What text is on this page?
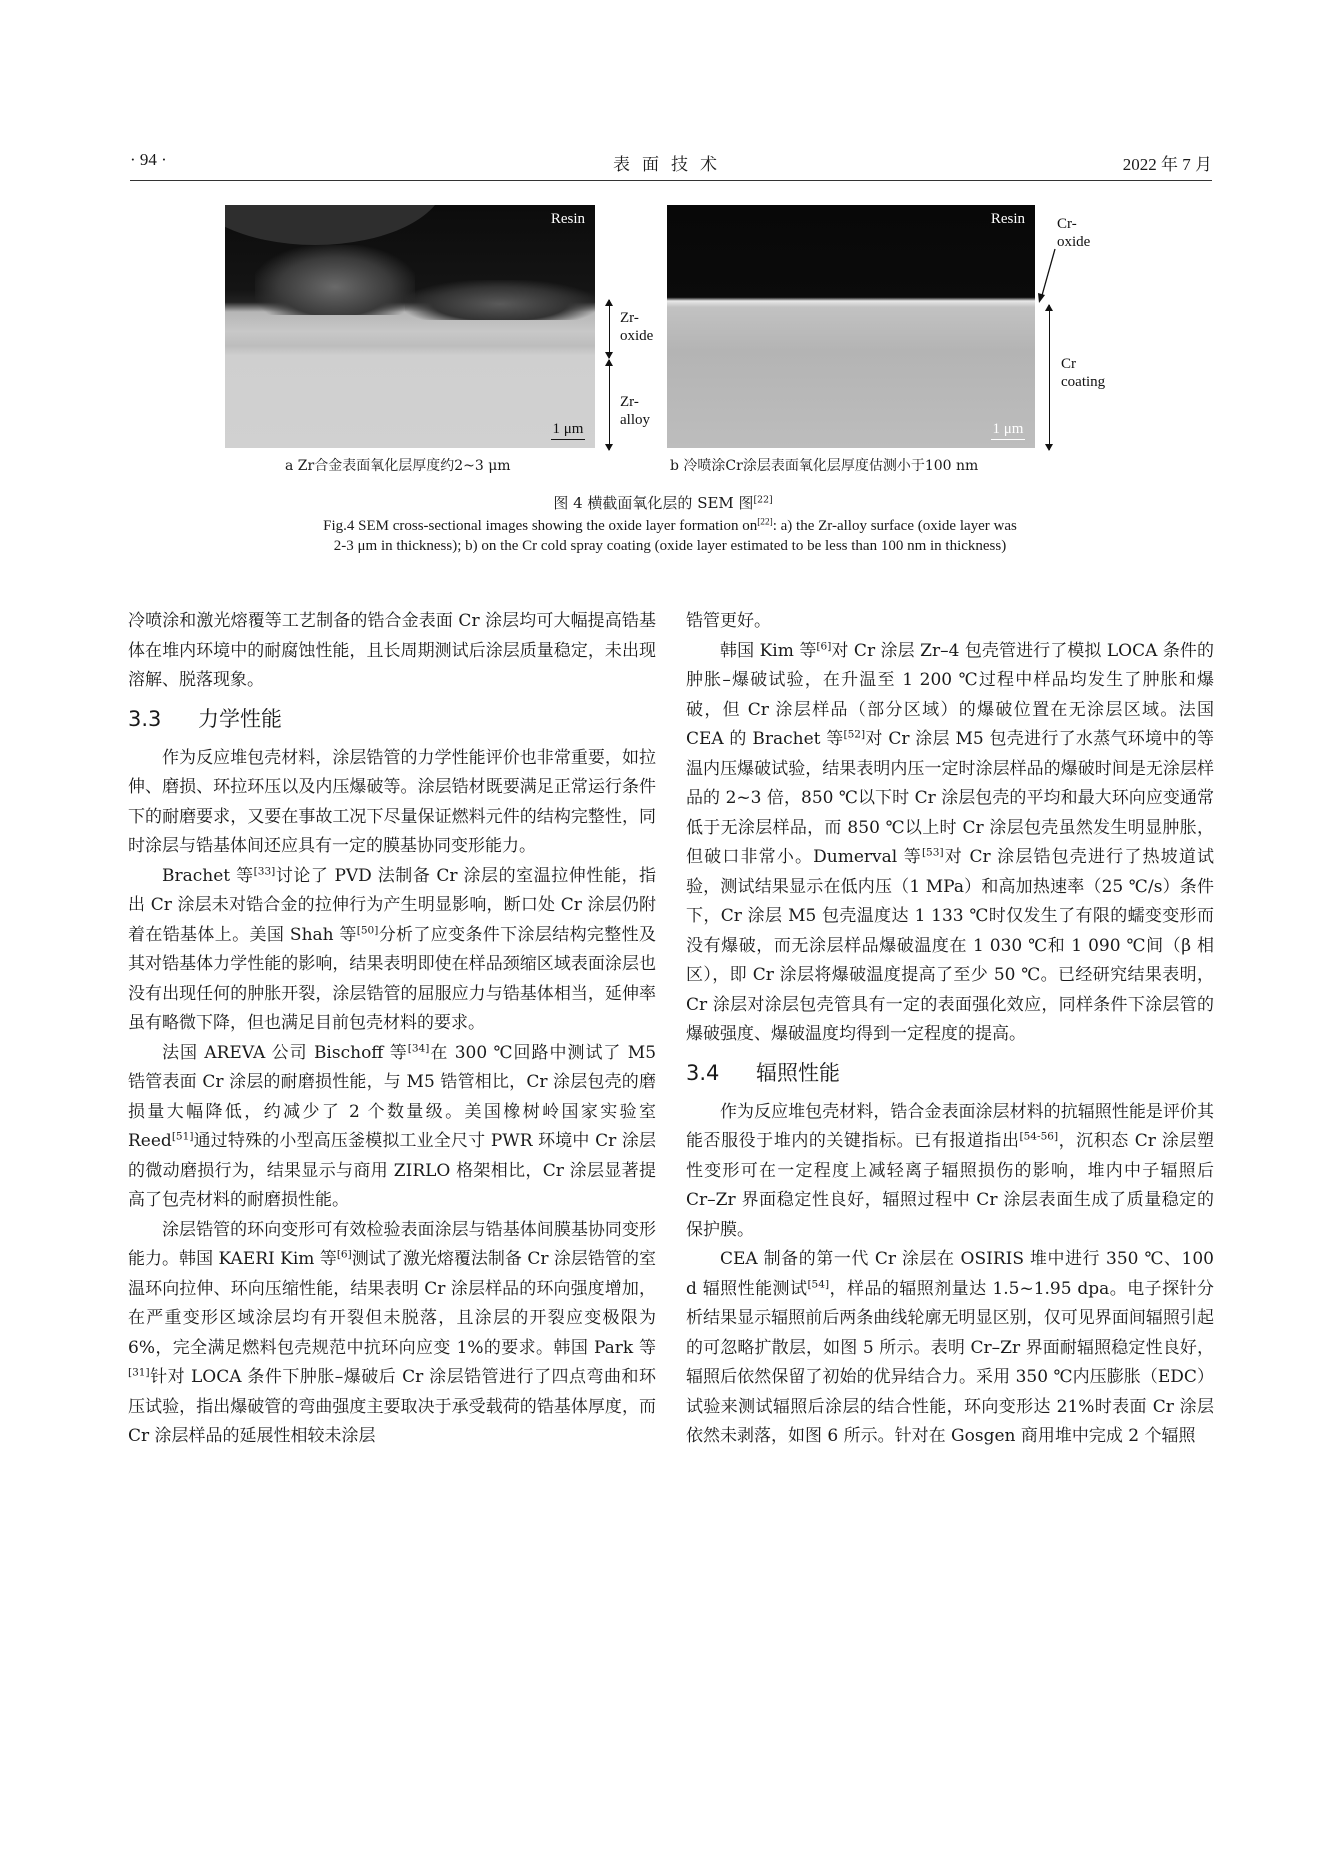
· 94 ·	表面技术	2022 年 7 月
Resin
1 μm
Zr-
oxide
Zr-
alloy
a Zr合金表面氧化层厚度约2~3 μm
Resin
1 μm
Cr-
oxide
Cr
coating
b 冷喷涂Cr涂层表面氧化层厚度估测小于100 nm
图 4 横截面氧化层的 SEM 图[22]
Fig.4 SEM cross-sectional images showing the oxide layer formation on[22]: a) the Zr-alloy surface (oxide layer was 2-3 μm in thickness); b) on the Cr cold spray coating (oxide layer estimated to be less than 100 nm in thickness)

冷喷涂和激光熔覆等工艺制备的锆合金表面 Cr 涂层均可大幅提高锆基体在堆内环境中的耐腐蚀性能，且长周期测试后涂层质量稳定，未出现溶解、脱落现象。

3.3 力学性能

作为反应堆包壳材料，涂层锆管的力学性能评价也非常重要，如拉伸、磨损、环拉环压以及内压爆破等。涂层锆材既要满足正常运行条件下的耐磨要求，又要在事故工况下尽量保证燃料元件的结构完整性，同时涂层与锆基体间还应具有一定的膜基协同变形能力。

Brachet 等[33]讨论了 PVD 法制备 Cr 涂层的室温拉伸性能，指出 Cr 涂层未对锆合金的拉伸行为产生明显影响，断口处 Cr 涂层仍附着在锆基体上。美国 Shah 等[50]分析了应变条件下涂层结构完整性及其对锆基体力学性能的影响，结果表明即使在样品颈缩区域表面涂层也没有出现任何的肿胀开裂，涂层锆管的屈服应力与锆基体相当，延伸率虽有略微下降，但也满足目前包壳材料的要求。

法国 AREVA 公司 Bischoff 等[34]在 300 ℃回路中测试了 M5 锆管表面 Cr 涂层的耐磨损性能，与 M5 锆管相比，Cr 涂层包壳的磨损量大幅降低，约减少了 2 个数量级。美国橡树岭国家实验室 Reed[51]通过特殊的小型高压釜模拟工业全尺寸 PWR 环境中 Cr 涂层的微动磨损行为，结果显示与商用 ZIRLO 格架相比，Cr 涂层显著提高了包壳材料的耐磨损性能。

涂层锆管的环向变形可有效检验表面涂层与锆基体间膜基协同变形能力。韩国 KAERI Kim 等[6]测试了激光熔覆法制备 Cr 涂层锆管的室温环向拉伸、环向压缩性能，结果表明 Cr 涂层样品的环向强度增加，在严重变形区域涂层均有开裂但未脱落，且涂层的开裂应变极限为 6%，完全满足燃料包壳规范中抗环向应变 1%的要求。韩国 Park 等[31]针对 LOCA 条件下肿胀–爆破后 Cr 涂层锆管进行了四点弯曲和环压试验，指出爆破管的弯曲强度主要取决于承受载荷的锆基体厚度，而 Cr 涂层样品的延展性相较未涂层

锆管更好。

韩国 Kim 等[6]对 Cr 涂层 Zr–4 包壳管进行了模拟 LOCA 条件的肿胀–爆破试验，在升温至 1 200 ℃过程中样品均发生了肿胀和爆破，但 Cr 涂层样品（部分区域）的爆破位置在无涂层区域。法国 CEA 的 Brachet 等[52]对 Cr 涂层 M5 包壳进行了水蒸气环境中的等温内压爆破试验，结果表明内压一定时涂层样品的爆破时间是无涂层样品的 2~3 倍，850 ℃以下时 Cr 涂层包壳的平均和最大环向应变通常低于无涂层样品，而 850 ℃以上时 Cr 涂层包壳虽然发生明显肿胀，但破口非常小。Dumerval 等[53]对 Cr 涂层锆包壳进行了热坡道试验，测试结果显示在低内压（1 MPa）和高加热速率（25 ℃/s）条件下，Cr 涂层 M5 包壳温度达 1 133 ℃时仅发生了有限的蠕变变形而没有爆破，而无涂层样品爆破温度在 1 030 ℃和 1 090 ℃间（β 相区），即 Cr 涂层将爆破温度提高了至少 50 ℃。已经研究结果表明，Cr 涂层对涂层包壳管具有一定的表面强化效应，同样条件下涂层管的爆破强度、爆破温度均得到一定程度的提高。

3.4 辐照性能

作为反应堆包壳材料，锆合金表面涂层材料的抗辐照性能是评价其能否服役于堆内的关键指标。已有报道指出[54-56]，沉积态 Cr 涂层塑性变形可在一定程度上减轻离子辐照损伤的影响，堆内中子辐照后 Cr–Zr 界面稳定性良好，辐照过程中 Cr 涂层表面生成了质量稳定的保护膜。

CEA 制备的第一代 Cr 涂层在 OSIRIS 堆中进行 350 ℃、100 d 辐照性能测试[54]，样品的辐照剂量达 1.5~1.95 dpa。电子探针分析结果显示辐照前后两条曲线轮廓无明显区别，仅可见界面间辐照引起的可忽略扩散层，如图 5 所示。表明 Cr–Zr 界面耐辐照稳定性良好，辐照后依然保留了初始的优异结合力。采用 350 ℃内压膨胀（EDC）试验来测试辐照后涂层的结合性能，环向变形达 21%时表面 Cr 涂层依然未剥落，如图 6 所示。针对在 Gosgen 商用堆中完成 2 个辐照
